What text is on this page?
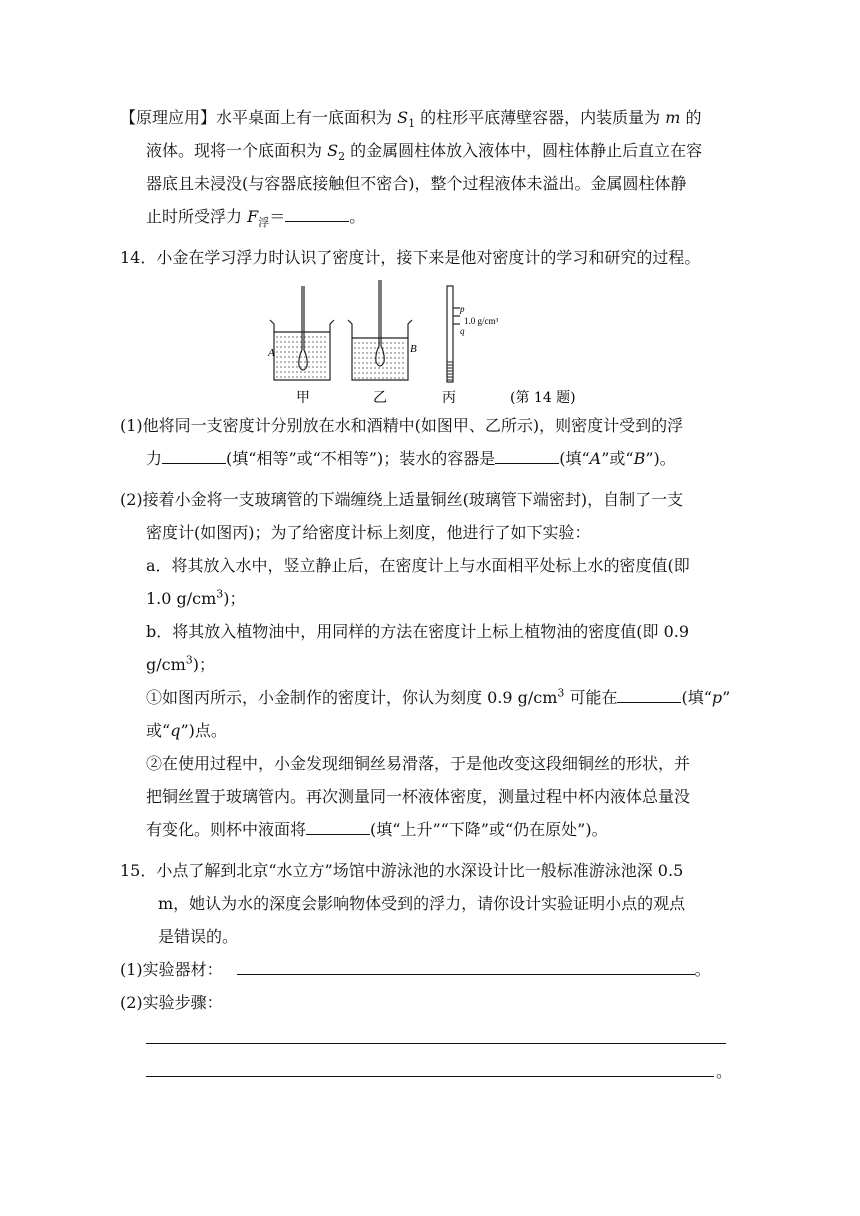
【原理应用】水平桌面上有一底面积为 $S_1$ 的柱形平底薄壁容器，内装质量为 m 的
液体。现将一个底面积为 $S_2$ 的金属圆柱体放入液体中，圆柱体静止后直立在容
器底且未浸没(与容器底接触但不密合)，整个过程液体未溢出。金属圆柱体静
止时所受浮力 $F_浮=$	。
14．小金在学习浮力时认识了密度计，接下来是他对密度计的学习和研究的过程。
A	B
p
1.0 g/cm³
q
甲	乙	丙	(第 14 题)
(1)他将同一支密度计分别放在水和酒精中(如图甲、乙所示)，则密度计受到的浮
力	(填“相等”或“不相等”)；装水的容器是	(填“A”或“B”)。
(2)接着小金将一支玻璃管的下端缠绕上适量铜丝(玻璃管下端密封)，自制了一支
密度计(如图丙)；为了给密度计标上刻度，他进行了如下实验：
a．将其放入水中，竖立静止后，在密度计上与水面相平处标上水的密度值(即
1.0 $g/cm^3$)；
b．将其放入植物油中，用同样的方法在密度计上标上植物油的密度值(即 0.9
$g/cm^3$)；
①如图丙所示，小金制作的密度计，你认为刻度 0.9 $g/cm^3$ 可能在	(填“p”
或“q”)点。
②在使用过程中，小金发现细铜丝易滑落，于是他改变这段细铜丝的形状，并
把铜丝置于玻璃管内。再次测量同一杯液体密度，测量过程中杯内液体总量没
有变化。则杯中液面将	(填“上升”“下降”或“仍在原处”)。
15．小点了解到北京“水立方”场馆中游泳池的水深设计比一般标准游泳池深 0.5
m，她认为水的深度会影响物体受到的浮力，请你设计实验证明小点的观点
是错误的。
(1)实验器材：	。
(2)实验步骤：
。
